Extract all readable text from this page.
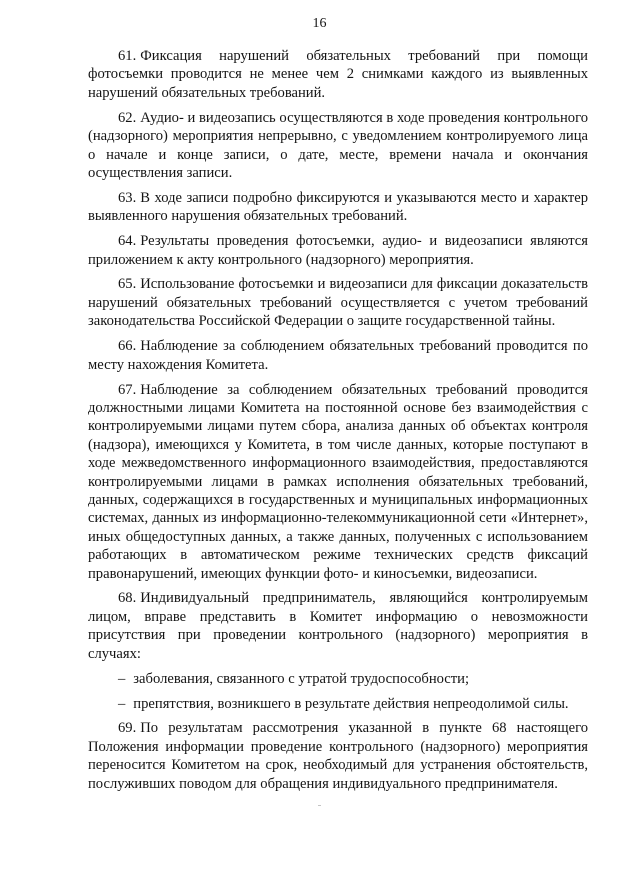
16

61. Фиксация нарушений обязательных требований при помощи фотосъемки проводится не менее чем 2 снимками каждого из выявленных нарушений обязательных требований.

62. Аудио- и видеозапись осуществляются в ходе проведения контрольного (надзорного) мероприятия непрерывно, с уведомлением контролируемого лица о начале и конце записи, о дате, месте, времени начала и окончания осуществления записи.

63. В ходе записи подробно фиксируются и указываются место и характер выявленного нарушения обязательных требований.

64. Результаты проведения фотосъемки, аудио- и видеозаписи являются приложением к акту контрольного (надзорного) мероприятия.

65. Использование фотосъемки и видеозаписи для фиксации доказательств нарушений обязательных требований осуществляется с учетом требований законодательства Российской Федерации о защите государственной тайны.

66. Наблюдение за соблюдением обязательных требований проводится по месту нахождения Комитета.

67. Наблюдение за соблюдением обязательных требований проводится должностными лицами Комитета на постоянной основе без взаимодействия с контролируемыми лицами путем сбора, анализа данных об объектах контроля (надзора), имеющихся у Комитета, в том числе данных, которые поступают в ходе межведомственного информационного взаимодействия, предоставляются контролируемыми лицами в рамках исполнения обязательных требований, данных, содержащихся в государственных и муниципальных информационных системах, данных из информационно-телекоммуникационной сети «Интернет», иных общедоступных данных, а также данных, полученных с использованием работающих в автоматическом режиме технических средств фиксаций правонарушений, имеющих функции фото- и киносъемки, видеозаписи.

68. Индивидуальный предприниматель, являющийся контролируемым лицом, вправе представить в Комитет информацию о невозможности присутствия при проведении контрольного (надзорного) мероприятия в случаях:

– заболевания, связанного с утратой трудоспособности;

– препятствия, возникшего в результате действия непреодолимой силы.

69. По результатам рассмотрения указанной в пункте 68 настоящего Положения информации проведение контрольного (надзорного) мероприятия переносится Комитетом на срок, необходимый для устранения обстоятельств, послуживших поводом для обращения индивидуального предпринимателя.
